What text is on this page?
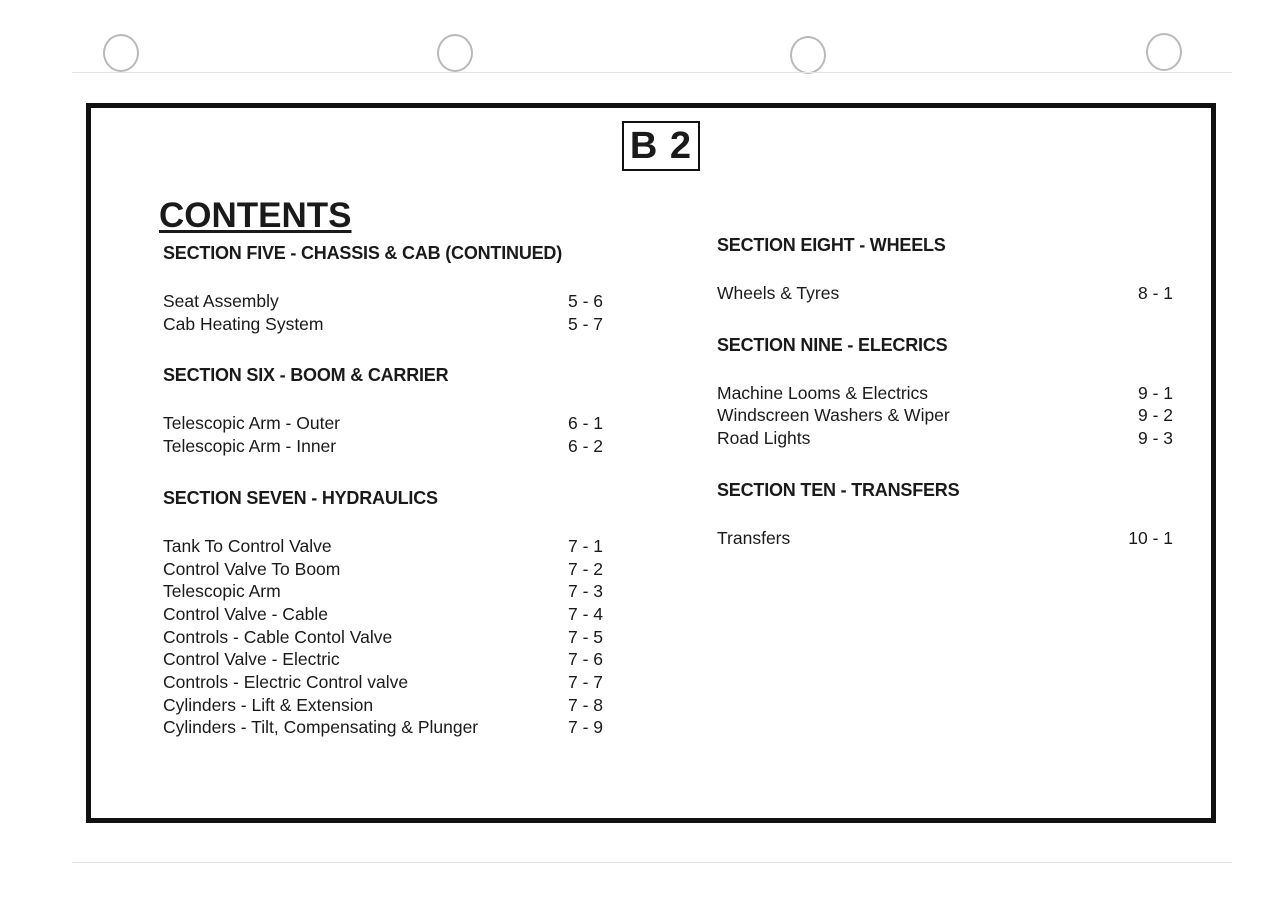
B 2
CONTENTS
SECTION FIVE - CHASSIS & CAB (CONTINUED)
Seat Assembly	5 - 6
Cab Heating System	5 - 7
SECTION SIX - BOOM & CARRIER
Telescopic Arm - Outer	6 - 1
Telescopic Arm - Inner	6 - 2
SECTION SEVEN - HYDRAULICS
Tank To Control Valve	7 - 1
Control Valve To Boom	7 - 2
Telescopic Arm	7 - 3
Control Valve - Cable	7 - 4
Controls - Cable Contol Valve	7 - 5
Control Valve - Electric	7 - 6
Controls - Electric Control valve	7 - 7
Cylinders - Lift & Extension	7 - 8
Cylinders - Tilt, Compensating & Plunger	7 - 9
SECTION EIGHT - WHEELS
Wheels & Tyres	8 - 1
SECTION NINE - ELECRICS
Machine Looms & Electrics	9 - 1
Windscreen Washers & Wiper	9 - 2
Road Lights	9 - 3
SECTION TEN - TRANSFERS
Transfers	10 - 1
